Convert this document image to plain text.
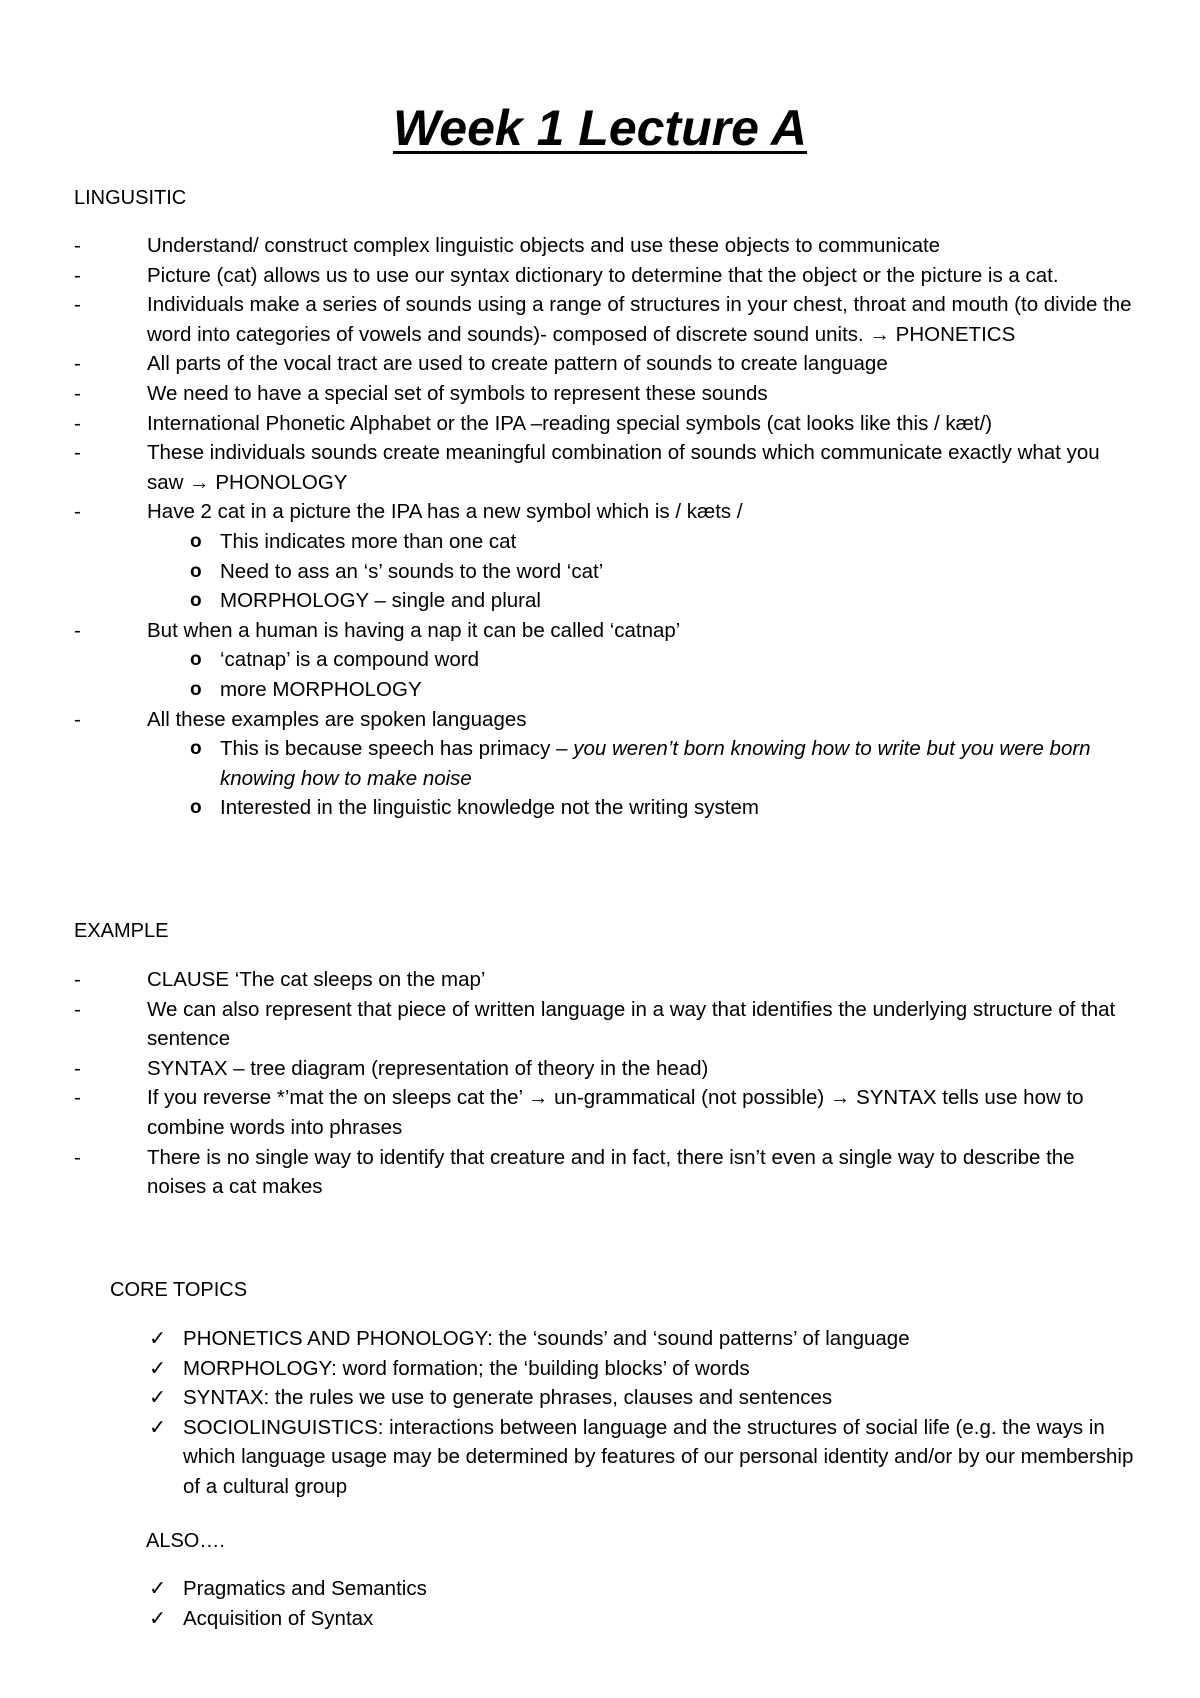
Week 1 Lecture A

LINGUSITIC

-	Understand/ construct complex linguistic objects and use these objects to communicate
-	Picture (cat) allows us to use our syntax dictionary to determine that the object or the picture is a cat.
-	Individuals make a series of sounds using a range of structures in your chest, throat and mouth (to divide the word into categories of vowels and sounds)- composed of discrete sound units. → PHONETICS
-	All parts of the vocal tract are used to create pattern of sounds to create language
-	We need to have a special set of symbols to represent these sounds
-	International Phonetic Alphabet or the IPA –reading special symbols (cat looks like this / kæt/)
-	These individuals sounds create meaningful combination of sounds which communicate exactly what you saw → PHONOLOGY
-	Have 2 cat in a picture the IPA has a new symbol which is / kæts /
o This indicates more than one cat
o Need to ass an ‘s’ sounds to the word ‘cat’
o MORPHOLOGY – single and plural
-	But when a human is having a nap it can be called ‘catnap’
o ‘catnap’ is a compound word
o more MORPHOLOGY
-	All these examples are spoken languages
o This is because speech has primacy – you weren’t born knowing how to write but you were born knowing how to make noise
o Interested in the linguistic knowledge not the writing system

EXAMPLE

-	CLAUSE ‘The cat sleeps on the map’
-	We can also represent that piece of written language in a way that identifies the underlying structure of that sentence
-	SYNTAX – tree diagram (representation of theory in the head)
-	If you reverse *’mat the on sleeps cat the’ → un-grammatical (not possible) → SYNTAX tells use how to combine words into phrases
-	There is no single way to identify that creature and in fact, there isn’t even a single way to describe the noises a cat makes

CORE TOPICS

✓ PHONETICS AND PHONOLOGY: the ‘sounds’ and ‘sound patterns’ of language
✓ MORPHOLOGY: word formation; the ‘building blocks’ of words
✓ SYNTAX: the rules we use to generate phrases, clauses and sentences
✓ SOCIOLINGUISTICS: interactions between language and the structures of social life (e.g. the ways in which language usage may be determined by features of our personal identity and/or by our membership of a cultural group

ALSO….

✓ Pragmatics and Semantics
✓ Acquisition of Syntax
